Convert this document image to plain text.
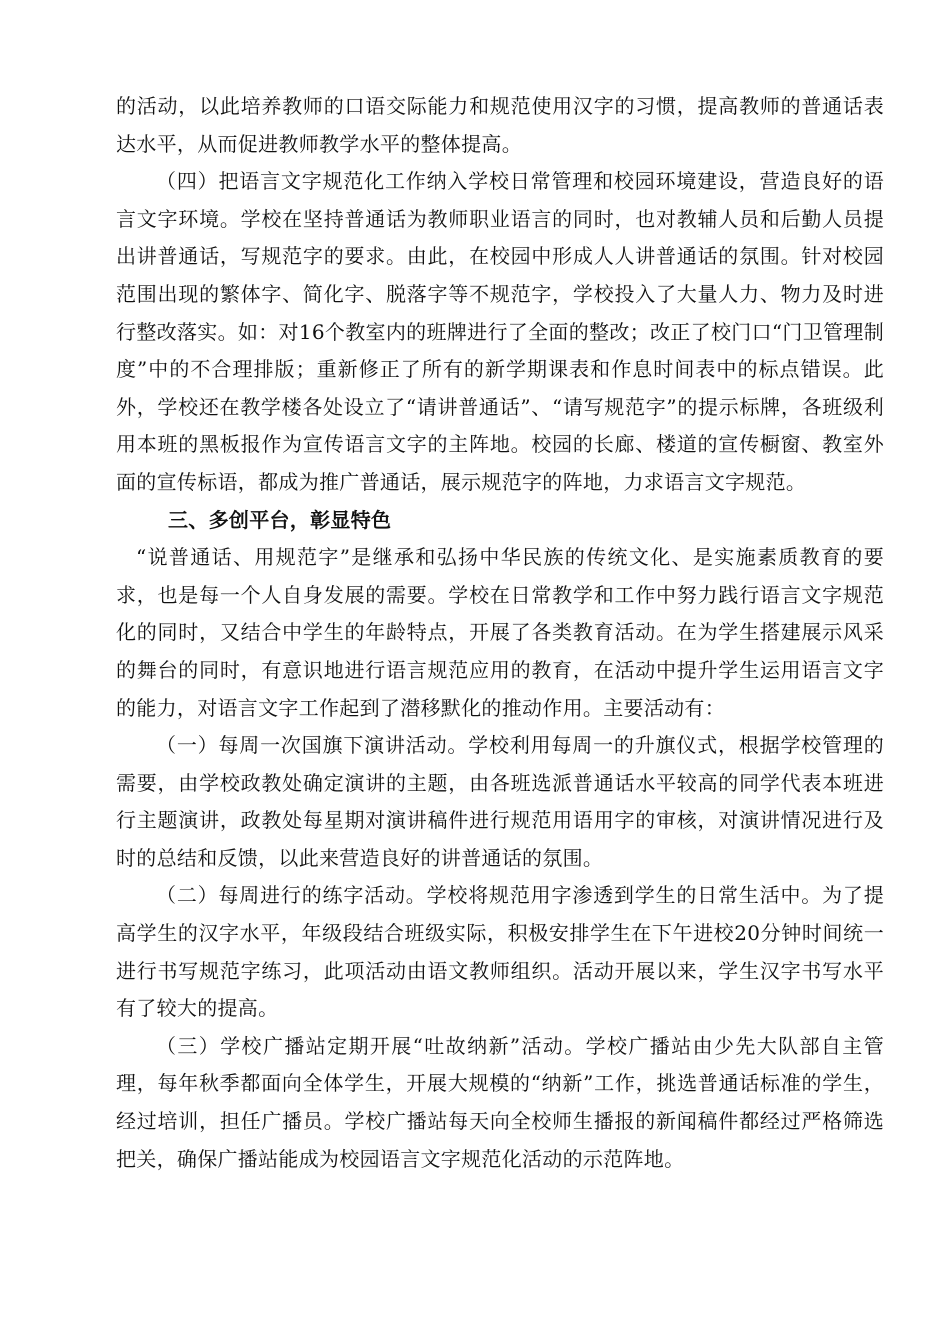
的活动，以此培养教师的口语交际能力和规范使用汉字的习惯，提高教师的普通话表达水平，从而促进教师教学水平的整体提高。

（四）把语言文字规范化工作纳入学校日常管理和校园环境建设，营造良好的语言文字环境。学校在坚持普通话为教师职业语言的同时，也对教辅人员和后勤人员提出讲普通话，写规范字的要求。由此，在校园中形成人人讲普通话的氛围。针对校园范围出现的繁体字、简化字、脱落字等不规范字，学校投入了大量人力、物力及时进行整改落实。如：对16个教室内的班牌进行了全面的整改；改正了校门口“门卫管理制度”中的不合理排版；重新修正了所有的新学期课表和作息时间表中的标点错误。此外，学校还在教学楼各处设立了“请讲普通话”、“请写规范字”的提示标牌，各班级利用本班的黑板报作为宣传语言文字的主阵地。校园的长廊、楼道的宣传橱窗、教室外面的宣传标语，都成为推广普通话，展示规范字的阵地，力求语言文字规范。

三、多创平台，彰显特色

“说普通话、用规范字”是继承和弘扬中华民族的传统文化、是实施素质教育的要求，也是每一个人自身发展的需要。学校在日常教学和工作中努力践行语言文字规范化的同时，又结合中学生的年龄特点，开展了各类教育活动。在为学生搭建展示风采的舞台的同时，有意识地进行语言规范应用的教育，在活动中提升学生运用语言文字的能力，对语言文字工作起到了潜移默化的推动作用。主要活动有：

（一）每周一次国旗下演讲活动。学校利用每周一的升旗仪式，根据学校管理的需要，由学校政教处确定演讲的主题，由各班选派普通话水平较高的同学代表本班进行主题演讲，政教处每星期对演讲稿件进行规范用语用字的审核，对演讲情况进行及时的总结和反馈，以此来营造良好的讲普通话的氛围。

（二）每周进行的练字活动。学校将规范用字渗透到学生的日常生活中。为了提高学生的汉字水平，年级段结合班级实际，积极安排学生在下午进校20分钟时间统一进行书写规范字练习，此项活动由语文教师组织。活动开展以来，学生汉字书写水平有了较大的提高。

（三）学校广播站定期开展“吐故纳新”活动。学校广播站由少先大队部自主管理，每年秋季都面向全体学生，开展大规模的“纳新”工作，挑选普通话标准的学生，经过培训，担任广播员。学校广播站每天向全校师生播报的新闻稿件都经过严格筛选把关，确保广播站能成为校园语言文字规范化活动的示范阵地。
